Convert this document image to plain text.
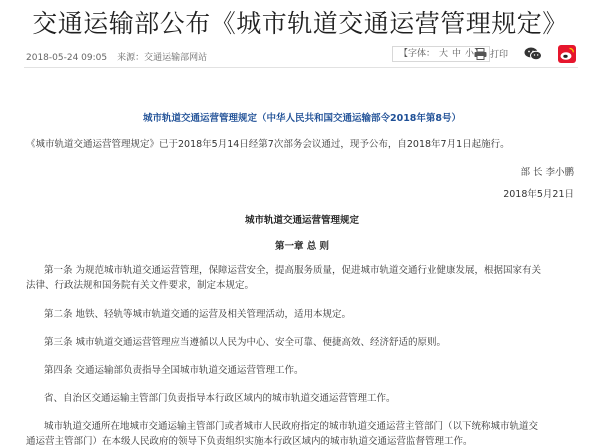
交通运输部公布《城市轨道交通运营管理规定》
2018-05-24 09:05 来源：交通运输部网站	【字体： 大 中 小	打印
城市轨道交通运营管理规定（中华人民共和国交通运输部令2018年第8号）
《城市轨道交通运营管理规定》已于2018年5月14日经第7次部务会议通过，现予公布，自2018年7月1日起施行。
部 长 李小鹏
2018年5月21日
城市轨道交通运营管理规定
第一章 总 则
第一条 为规范城市轨道交通运营管理，保障运营安全，提高服务质量，促进城市轨道交通行业健康发展，根据国家有关
法律、行政法规和国务院有关文件要求，制定本规定。
第二条 地铁、轻轨等城市轨道交通的运营及相关管理活动，适用本规定。
第三条 城市轨道交通运营管理应当遵循以人民为中心、安全可靠、便捷高效、经济舒适的原则。
第四条 交通运输部负责指导全国城市轨道交通运营管理工作。
省、自治区交通运输主管部门负责指导本行政区域内的城市轨道交通运营管理工作。
城市轨道交通所在地城市交通运输主管部门或者城市人民政府指定的城市轨道交通运营主管部门（以下统称城市轨道交
通运营主管部门）在本级人民政府的领导下负责组织实施本行政区域内的城市轨道交通运营监督管理工作。
